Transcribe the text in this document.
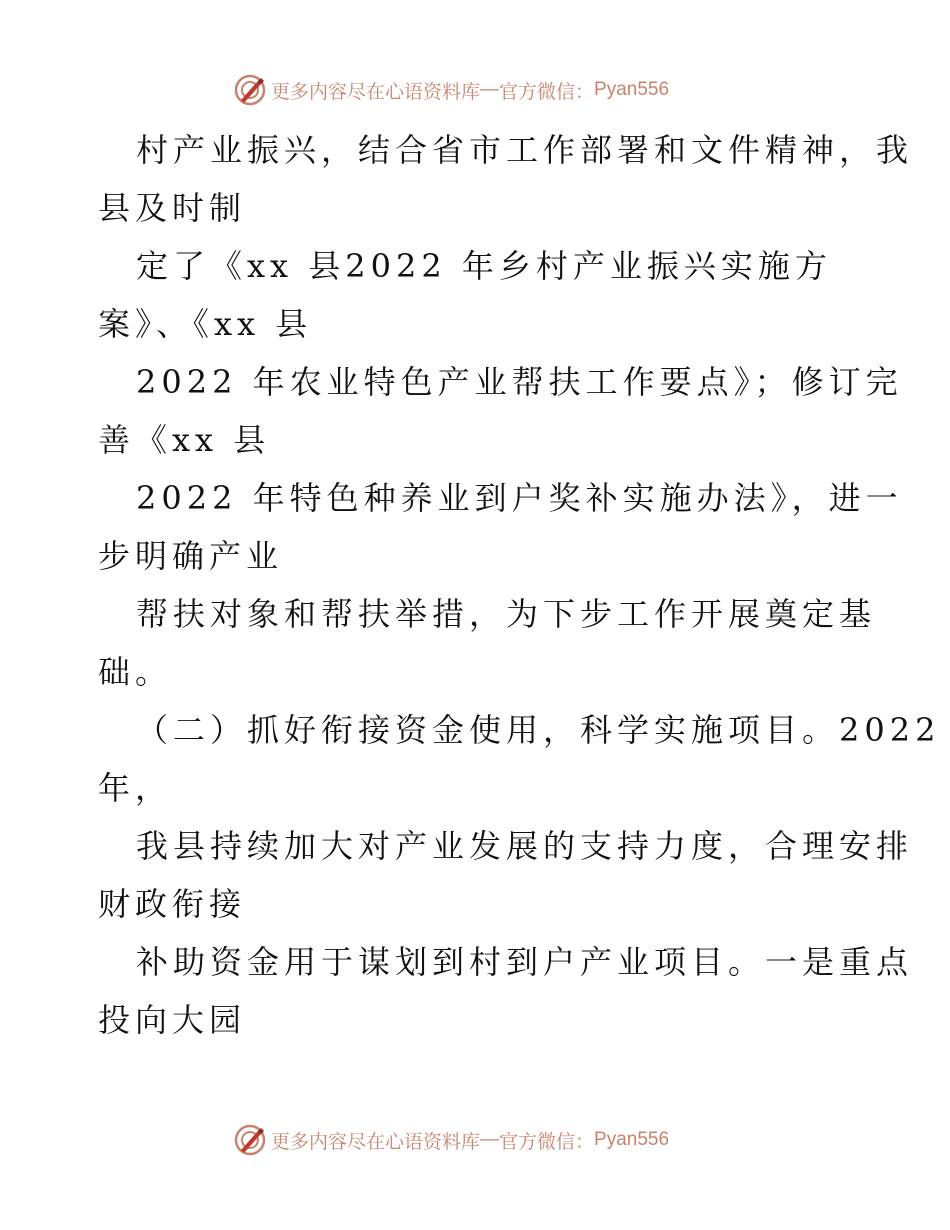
更多内容尽在心语资料库 — 官方微信： Pyan556
村产业振兴，结合省市工作部署和文件精神，我
县及时制
定了《xx 县2022 年乡村产业振兴实施方
案》、《xx 县
2022 年农业特色产业帮扶工作要点》；修订完
善《xx 县
2022 年特色种养业到户奖补实施办法》，进一
步明确产业
帮扶对象和帮扶举措，为下步工作开展奠定基
础。
（二）抓好衔接资金使用，科学实施项目。2022
年，
我县持续加大对产业发展的支持力度，合理安排
财政衔接
补助资金用于谋划到村到户产业项目。一是重点
投向大园
更多内容尽在心语资料库 — 官方微信： Pyan556
